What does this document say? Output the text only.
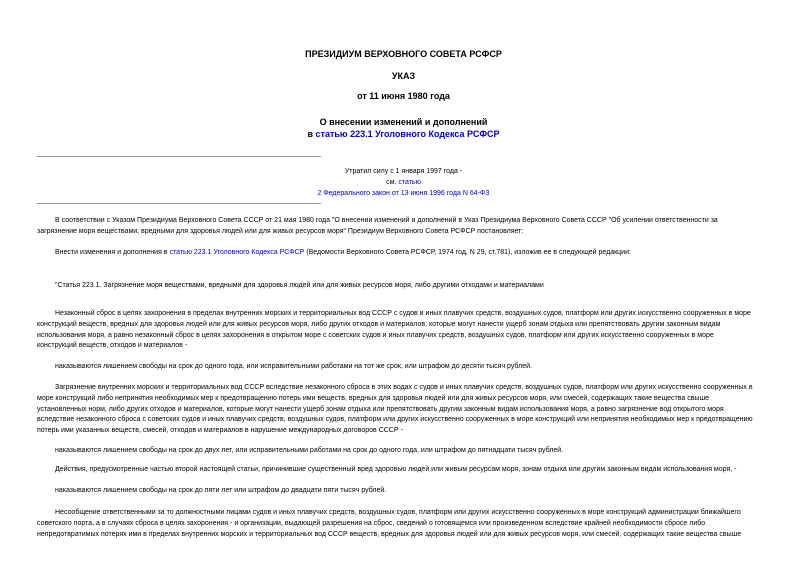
ПРЕЗИДИУМ ВЕРХОВНОГО СОВЕТА РСФСР
УКАЗ
от 11 июня 1980 года
О внесении изменений и дополнений
в статью 223.1 Уголовного Кодекса РСФСР
Утратил силу с 1 января 1997 года -
см. статью
2 Федерального закон от 13 июня 1996 года N 64-ФЗ
В соответствии с Указом Президиума Верховного Совета СССР от 21 мая 1980 года "О внесении изменений и дополнений в Указ Президиума Верховного Совета СССР "Об усилении ответственности за
загрязнение моря веществами, вредными для здоровья людей или для живых ресурсов моря" Президиум Верховного Совета РСФСР постановляет:
Внести изменения и дополнения в статью 223.1 Уголовного Кодекса РСФСР (Ведомости Верховного Совета РСФСР, 1974 год, N 29, ст.781), изложив ее в следующей редакции:
"Статья 223.1. Загрязнение моря веществами, вредными для здоровья людей или для живых ресурсов моря, либо другими отходами и материалами
Незаконный сброс в целях захоронения в пределах внутренних морских и территориальных вод СССР с судов и иных плавучих средств, воздушных судов, платформ или других искусственно сооруженных в море
конструкций веществ, вредных для здоровья людей или для живых ресурсов моря, либо других отходов и материалов, которые могут нанести ущерб зонам отдыха или препятствовать другим законным видам
использования моря, а равно незаконный сброс в целях захоронения в открытом море с советских судов и иных плавучих средств, воздушных судов, платформ или других искусственно сооруженных в море
конструкций веществ, отходов и материалов -
наказываются лишением свободы на срок до одного года, или исправительными работами на тот же срок, или штрафом до десяти тысяч рублей.
Загрязнение внутренних морских и территориальных вод СССР вследствие незаконного сброса в этих водах с судов и иных плавучих средств, воздушных судов, платформ или других искусственно сооруженных в
море конструкций либо непринятия необходимых мер к предотвращению потерь ими веществ, вредных для здоровья людей или для живых ресурсов моря, или смесей, содержащих такие вещества свыше
установленных норм, либо других отходов и материалов, которые могут нанести ущерб зонам отдыха или препятствовать другим законным видам использования моря, а равно загрязнение вод открытого моря
вследствие незаконного сброса с советских судов и иных плавучих средств, воздушных судов, платформ или других искусственно сооруженных в море конструкций или непринятия необходимых мер к предотвращению
потерь ими указанных веществ, смесей, отходов и материалов в нарушение международных договоров СССР -
наказываются лишением свободы на срок до двух лет, или исправительными работами на срок до одного года, или штрафом до пятнадцати тысяч рублей.
Действия, предусмотренные частью второй настоящей статьи, причинившие существенный вред здоровью людей или живым ресурсам моря, зонам отдыха или другим законным видам использования моря, -
наказываются лишением свободы на срок до пяти лет или штрафом до двадцати пяти тысяч рублей.
Несообщение ответственными за то должностными лицами судов и иных плавучих средств, воздушных судов, платформ или других искусственно сооруженных в море конструкций администрации ближайшего
советского порта, а в случаях сброса в целях захоронения - и организации, выдающей разрешения на сброс, сведений о готовящемся или произведенном вследствие крайней необходимости сбросе либо
непредотвратимых потерях ими в пределах внутренних морских и территориальных вод СССР веществ, вредных для здоровья людей или для живых ресурсов моря, или смесей, содержащих такие вещества свыше
